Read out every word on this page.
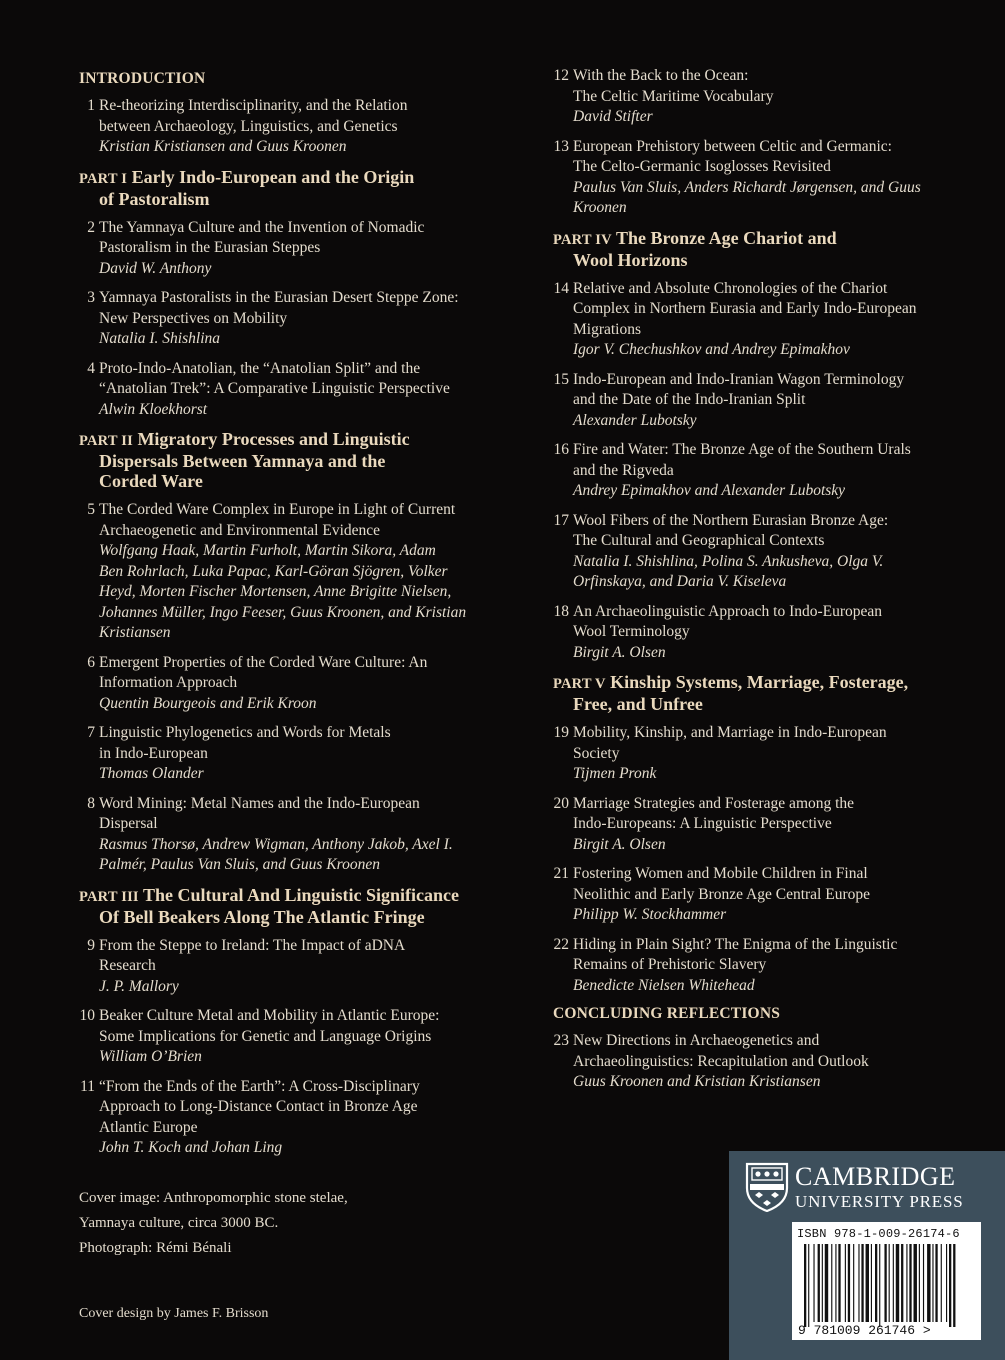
INTRODUCTION
1 Re-theorizing Interdisciplinarity, and the Relation
between Archaeology, Linguistics, and Genetics
Kristian Kristiansen and Guus Kroonen
PART I Early Indo-European and the Origin
of Pastoralism
2 The Yamnaya Culture and the Invention of Nomadic
Pastoralism in the Eurasian Steppes
David W. Anthony
3 Yamnaya Pastoralists in the Eurasian Desert Steppe Zone:
New Perspectives on Mobility
Natalia I. Shishlina
4 Proto-Indo-Anatolian, the “Anatolian Split” and the
“Anatolian Trek”: A Comparative Linguistic Perspective
Alwin Kloekhorst
PART II Migratory Processes and Linguistic
Dispersals Between Yamnaya and the
Corded Ware
5 The Corded Ware Complex in Europe in Light of Current
Archaeogenetic and Environmental Evidence
Wolfgang Haak, Martin Furholt, Martin Sikora, Adam
Ben Rohrlach, Luka Papac, Karl-Göran Sjögren, Volker
Heyd, Morten Fischer Mortensen, Anne Brigitte Nielsen,
Johannes Müller, Ingo Feeser, Guus Kroonen, and Kristian
Kristiansen
6 Emergent Properties of the Corded Ware Culture: An
Information Approach
Quentin Bourgeois and Erik Kroon
7 Linguistic Phylogenetics and Words for Metals
in Indo-European
Thomas Olander
8 Word Mining: Metal Names and the Indo-European
Dispersal
Rasmus Thorsø, Andrew Wigman, Anthony Jakob, Axel I.
Palmér, Paulus Van Sluis, and Guus Kroonen
PART III The Cultural And Linguistic Significance
Of Bell Beakers Along The Atlantic Fringe
9 From the Steppe to Ireland: The Impact of aDNA
Research
J. P. Mallory
10 Beaker Culture Metal and Mobility in Atlantic Europe:
Some Implications for Genetic and Language Origins
William O’Brien
11 “From the Ends of the Earth”: A Cross-Disciplinary
Approach to Long-Distance Contact in Bronze Age
Atlantic Europe
John T. Koch and Johan Ling
Cover image: Anthropomorphic stone stelae,
Yamnaya culture, circa 3000 BC.
Photograph: Rémi Bénali
Cover design by James F. Brisson
12 With the Back to the Ocean:
The Celtic Maritime Vocabulary
David Stifter
13 European Prehistory between Celtic and Germanic:
The Celto-Germanic Isoglosses Revisited
Paulus Van Sluis, Anders Richardt Jørgensen, and Guus
Kroonen
PART IV The Bronze Age Chariot and
Wool Horizons
14 Relative and Absolute Chronologies of the Chariot
Complex in Northern Eurasia and Early Indo-European
Migrations
Igor V. Chechushkov and Andrey Epimakhov
15 Indo-European and Indo-Iranian Wagon Terminology
and the Date of the Indo-Iranian Split
Alexander Lubotsky
16 Fire and Water: The Bronze Age of the Southern Urals
and the Rigveda
Andrey Epimakhov and Alexander Lubotsky
17 Wool Fibers of the Northern Eurasian Bronze Age:
The Cultural and Geographical Contexts
Natalia I. Shishlina, Polina S. Ankusheva, Olga V.
Orfinskaya, and Daria V. Kiseleva
18 An Archaeolinguistic Approach to Indo-European
Wool Terminology
Birgit A. Olsen
PART V Kinship Systems, Marriage, Fosterage,
Free, and Unfree
19 Mobility, Kinship, and Marriage in Indo-European
Society
Tijmen Pronk
20 Marriage Strategies and Fosterage among the
Indo-Europeans: A Linguistic Perspective
Birgit A. Olsen
21 Fostering Women and Mobile Children in Final
Neolithic and Early Bronze Age Central Europe
Philipp W. Stockhammer
22 Hiding in Plain Sight? The Enigma of the Linguistic
Remains of Prehistoric Slavery
Benedicte Nielsen Whitehead
CONCLUDING REFLECTIONS
23 New Directions in Archaeogenetics and
Archaeolinguistics: Recapitulation and Outlook
Guus Kroonen and Kristian Kristiansen
CAMBRIDGE
UNIVERSITY PRESS
ISBN 978-1-009-26174-6
9 781009 261746 >
